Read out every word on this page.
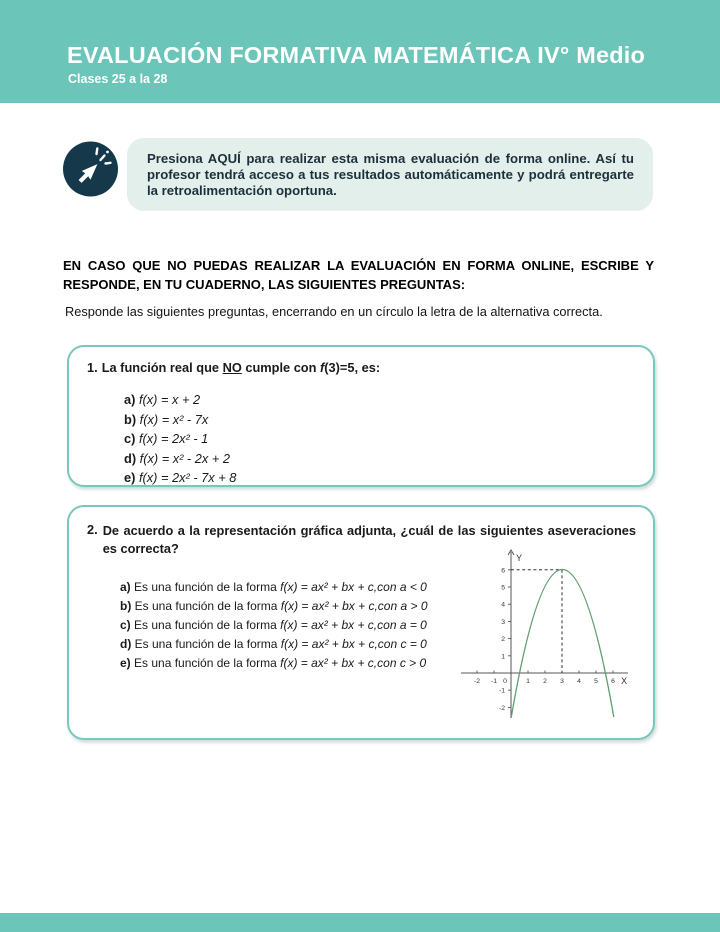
EVALUACIÓN FORMATIVA MATEMÁTICA IV° Medio
Clases 25 a la 28

Presiona AQUÍ para realizar esta misma evaluación de forma online. Así tu profesor tendrá acceso a tus resultados automáticamente y podrá entregarte la retroalimentación oportuna.

EN CASO QUE NO PUEDAS REALIZAR LA EVALUACIÓN EN FORMA ONLINE, ESCRIBE Y RESPONDE, EN TU CUADERNO, LAS SIGUIENTES PREGUNTAS:

Responde las siguientes preguntas, encerrando en un círculo la letra de la alternativa correcta.

1. La función real que NO cumple con f(3)=5, es:
a) f(x) = x + 2
b) f(x) = x² - 7x
c) f(x) = 2x² - 1
d) f(x) = x² - 2x + 2
e) f(x) = 2x² - 7x + 8
2. De acuerdo a la representación gráfica adjunta, ¿cuál de las siguientes aseveraciones es correcta?
a) Es una función de la forma f(x) = ax² + bx + c,con a < 0
b) Es una función de la forma f(x) = ax² + bx + c,con a > 0
c) Es una función de la forma f(x) = ax² + bx + c,con a = 0
d) Es una función de la forma f(x) = ax² + bx + c,con c = 0
e) Es una función de la forma f(x) = ax² + bx + c,con c > 0
Y
X
6
5
4
3
2
1
-1
-2
-2 -1 0	1 2 3 4 5 6
